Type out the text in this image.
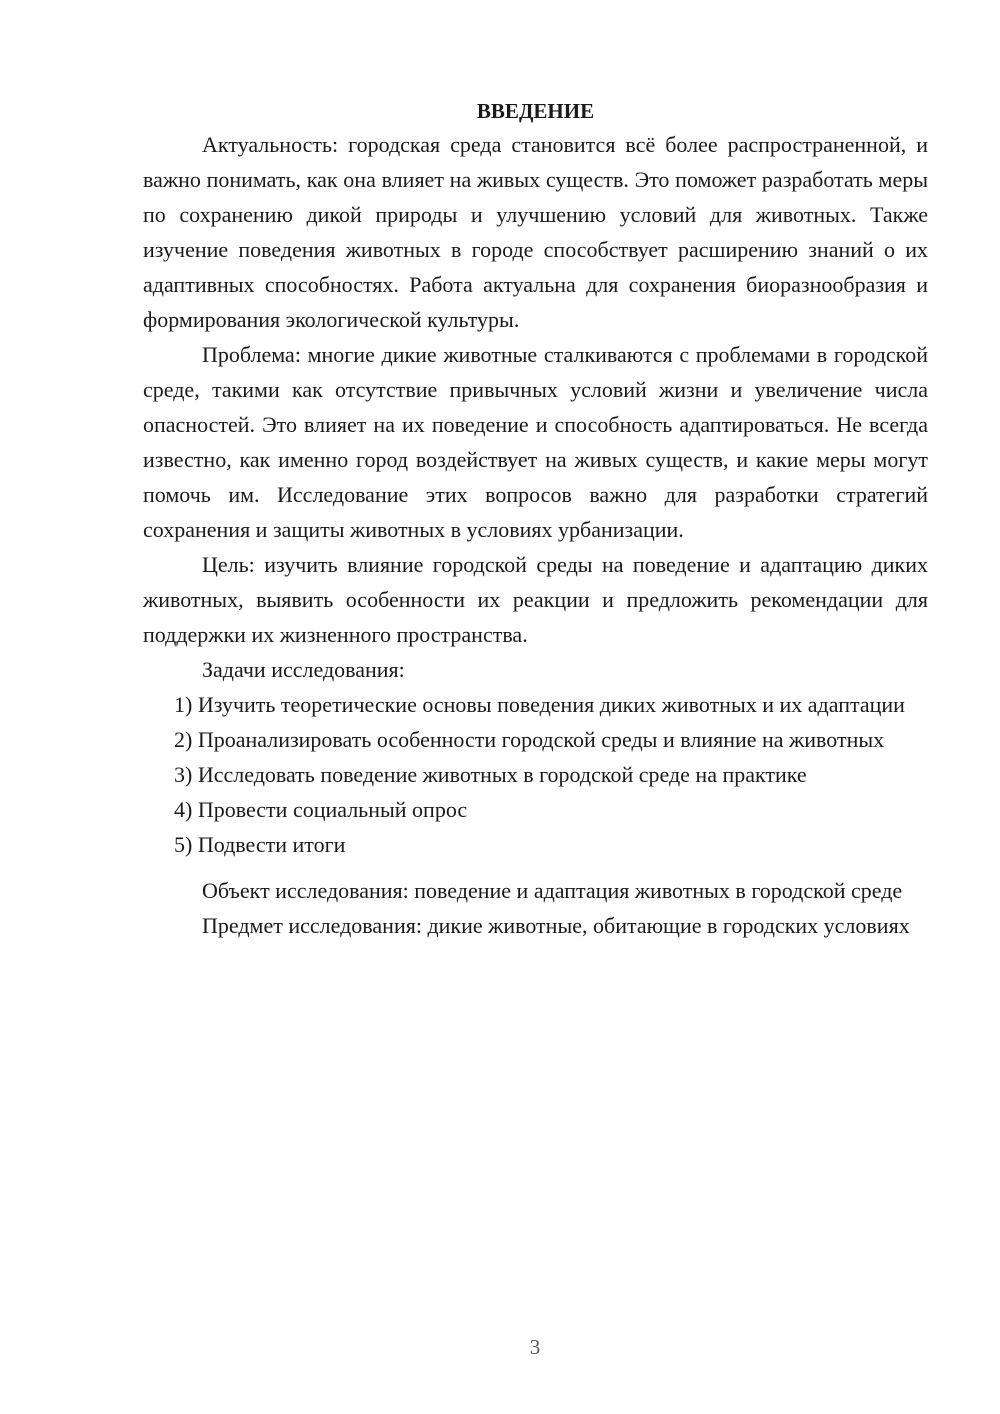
ВВЕДЕНИЕ

Актуальность: городская среда становится всё более распространенной, и важно понимать, как она влияет на живых существ. Это поможет разработать меры по сохранению дикой природы и улучшению условий для животных. Также изучение поведения животных в городе способствует расширению знаний о их адаптивных способностях. Работа актуальна для сохранения биоразнообразия и формирования экологической культуры.

Проблема: многие дикие животные сталкиваются с проблемами в городской среде, такими как отсутствие привычных условий жизни и увеличение числа опасностей. Это влияет на их поведение и способность адаптироваться. Не всегда известно, как именно город воздействует на живых существ, и какие меры могут помочь им. Исследование этих вопросов важно для разработки стратегий сохранения и защиты животных в условиях урбанизации.

Цель: изучить влияние городской среды на поведение и адаптацию диких животных, выявить особенности их реакции и предложить рекомендации для поддержки их жизненного пространства.

Задачи исследования:

1) Изучить теоретические основы поведения диких животных и их адаптации

2) Проанализировать особенности городской среды и влияние на животных

3) Исследовать поведение животных в городской среде на практике

4) Провести социальный опрос

5) Подвести итоги

Объект исследования: поведение и адаптация животных в городской среде

Предмет исследования: дикие животные, обитающие в городских условиях

3
